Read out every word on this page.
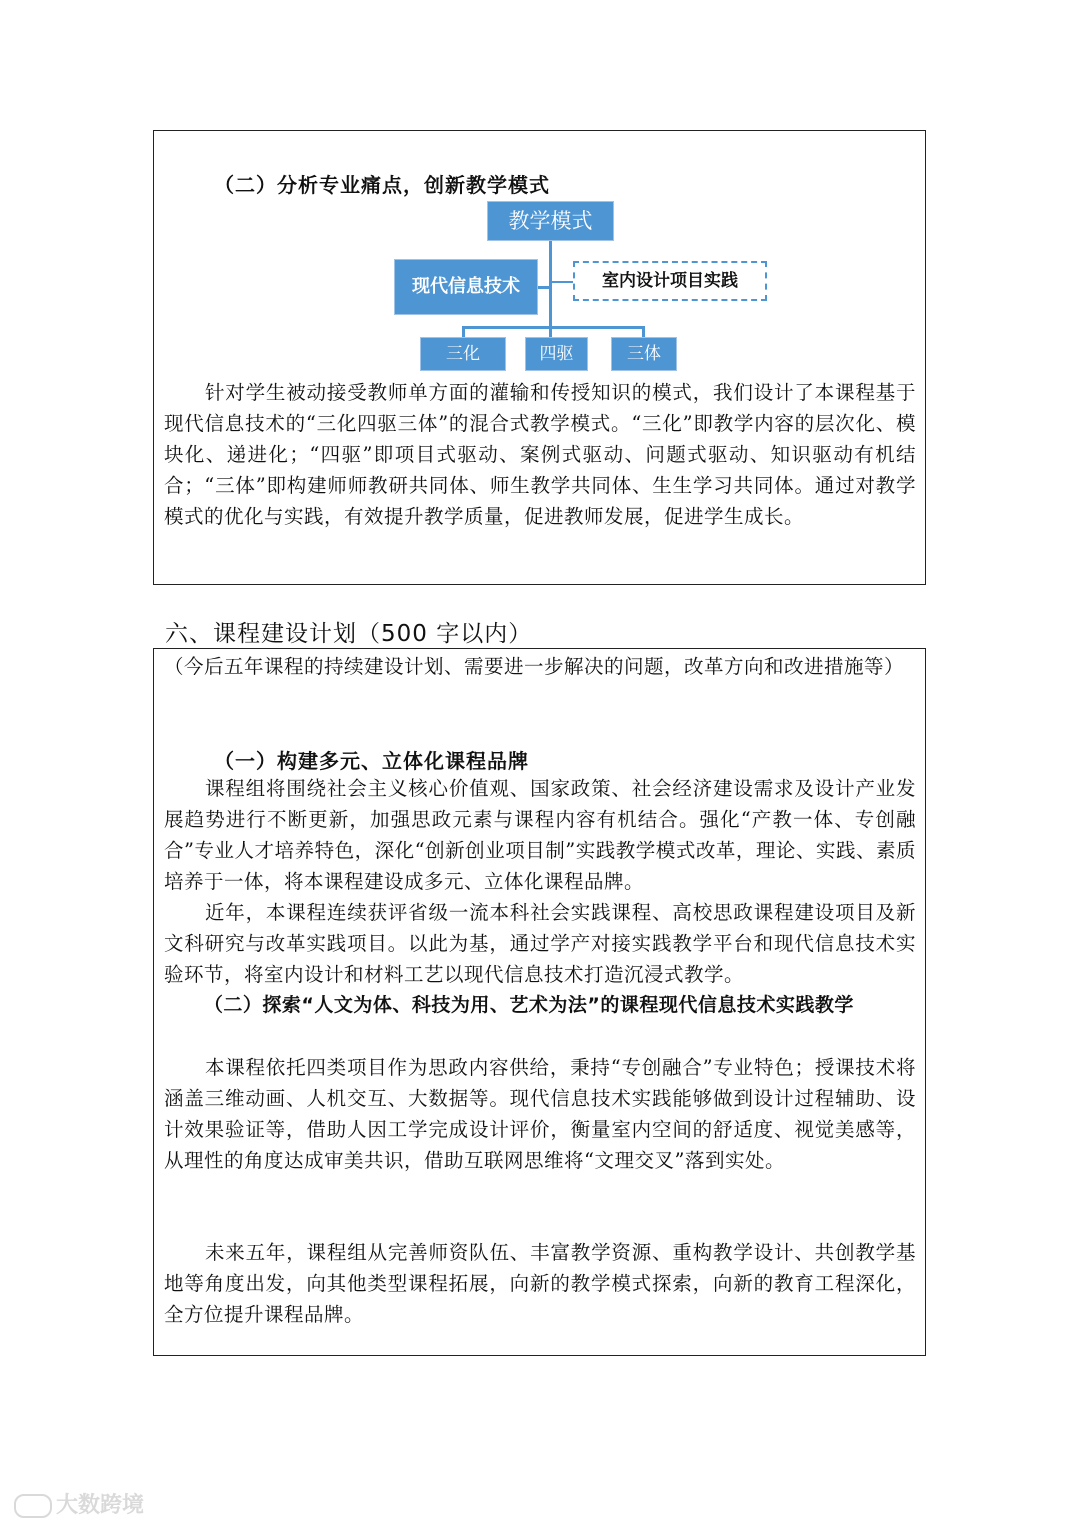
（二）分析专业痛点，创新教学模式
教学模式
现代信息技术	室内设计项目实践
三化	四驱	三体

针对学生被动接受教师单方面的灌输和传授知识的模式，我们设计了本课程基于现代信息技术的“三化四驱三体”的混合式教学模式。“三化”即教学内容的层次化、模块化、递进化；“四驱”即项目式驱动、案例式驱动、问题式驱动、知识驱动有机结合；“三体”即构建师师教研共同体、师生教学共同体、生生学习共同体。通过对教学模式的优化与实践，有效提升教学质量，促进教师发展，促进学生成长。

六、课程建设计划（500 字以内）

（今后五年课程的持续建设计划、需要进一步解决的问题，改革方向和改进措施等）

（一）构建多元、立体化课程品牌

课程组将围绕社会主义核心价值观、国家政策、社会经济建设需求及设计产业发展趋势进行不断更新，加强思政元素与课程内容有机结合。强化“产教一体、专创融合”专业人才培养特色，深化“创新创业项目制”实践教学模式改革，理论、实践、素质培养于一体，将本课程建设成多元、立体化课程品牌。

近年，本课程连续获评省级一流本科社会实践课程、高校思政课程建设项目及新文科研究与改革实践项目。以此为基，通过学产对接实践教学平台和现代信息技术实验环节，将室内设计和材料工艺以现代信息技术打造沉浸式教学。

（二）探索“人文为体、科技为用、艺术为法”的课程现代信息技术实践教学

本课程依托四类项目作为思政内容供给，秉持“专创融合”专业特色；授课技术将涵盖三维动画、人机交互、大数据等。现代信息技术实践能够做到设计过程辅助、设计效果验证等，借助人因工学完成设计评价，衡量室内空间的舒适度、视觉美感等，从理性的角度达成审美共识，借助互联网思维将“文理交叉”落到实处。

未来五年，课程组从完善师资队伍、丰富教学资源、重构教学设计、共创教学基地等角度出发，向其他类型课程拓展，向新的教学模式探索，向新的教育工程深化，全方位提升课程品牌。

大数跨境
